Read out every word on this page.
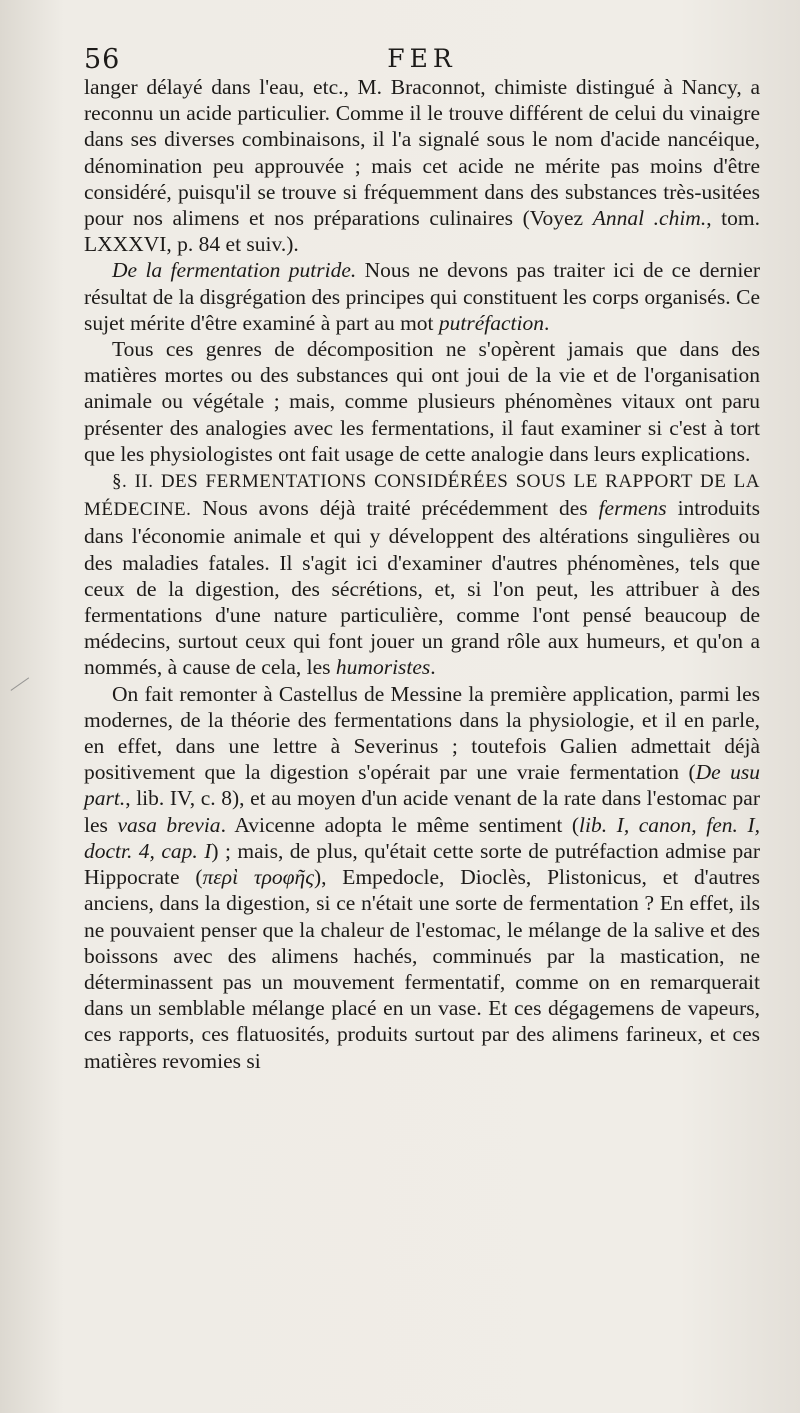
56	FER

langer délayé dans l'eau, etc., M. Braconnot, chimiste distingué à Nancy, a reconnu un acide particulier. Comme il le trouve différent de celui du vinaigre dans ses diverses combinaisons, il l'a signalé sous le nom d'acide nancéique, dénomination peu approuvée ; mais cet acide ne mérite pas moins d'être considéré, puisqu'il se trouve si fréquemment dans des substances très-usitées pour nos alimens et nos préparations culinaires (Voyez Annal .chim., tom. LXXXVI, p. 84 et suiv.).

De la fermentation putride. Nous ne devons pas traiter ici de ce dernier résultat de la disgrégation des principes qui constituent les corps organisés. Ce sujet mérite d'être examiné à part au mot putréfaction.

Tous ces genres de décomposition ne s'opèrent jamais que dans des matières mortes ou des substances qui ont joui de la vie et de l'organisation animale ou végétale ; mais, comme plusieurs phénomènes vitaux ont paru présenter des analogies avec les fermentations, il faut examiner si c'est à tort que les physiologistes ont fait usage de cette analogie dans leurs explications.

§. II. DES FERMENTATIONS CONSIDÉRÉES SOUS LE RAPPORT DE LA MÉDECINE. Nous avons déjà traité précédemment des fermens introduits dans l'économie animale et qui y développent des altérations singulières ou des maladies fatales. Il s'agit ici d'examiner d'autres phénomènes, tels que ceux de la digestion, des sécrétions, et, si l'on peut, les attribuer à des fermentations d'une nature particulière, comme l'ont pensé beaucoup de médecins, surtout ceux qui font jouer un grand rôle aux humeurs, et qu'on a nommés, à cause de cela, les humoristes.

On fait remonter à Castellus de Messine la première application, parmi les modernes, de la théorie des fermentations dans la physiologie, et il en parle, en effet, dans une lettre à Severinus ; toutefois Galien admettait déjà positivement que la digestion s'opérait par une vraie fermentation (De usu part., lib. IV, c. 8), et au moyen d'un acide venant de la rate dans l'estomac par les vasa brevia. Avicenne adopta le même sentiment (lib. I, canon, fen. I, doctr. 4, cap. I) ; mais, de plus, qu'était cette sorte de putréfaction admise par Hippocrate (περὶ τροφῆς), Empedocle, Dioclès, Plistonicus, et d'autres anciens, dans la digestion, si ce n'était une sorte de fermentation ? En effet, ils ne pouvaient penser que la chaleur de l'estomac, le mélange de la salive et des boissons avec des alimens hachés, comminués par la mastication, ne déterminassent pas un mouvement fermentatif, comme on en remarquerait dans un semblable mélange placé en un vase. Et ces dégagemens de vapeurs, ces rapports, ces flatuosités, produits surtout par des alimens farineux, et ces matières revomies si
